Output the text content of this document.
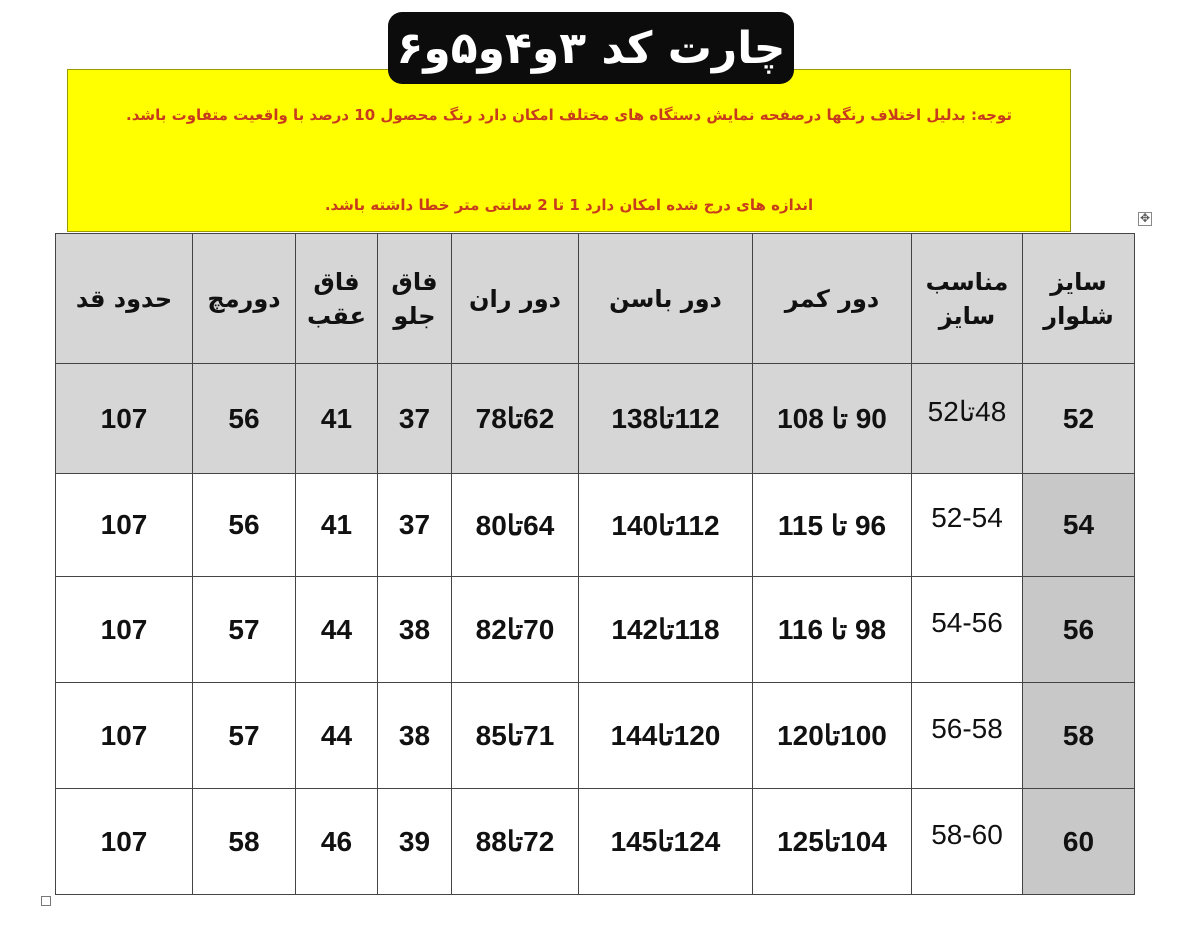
چارت کد ۳و۴و۵و۶
توجه: بدلیل اختلاف رنگها درصفحه نمایش دستگاه های مختلف امکان دارد رنگ محصول 10 درصد با واقعیت متفاوت باشد.
اندازه های درج شده امکان دارد 1 تا 2 سانتی متر خطا داشته باشد.
✥
سایز شلوار	مناسب سایز	دور کمر	دور باسن	دور ران	فاق جلو	فاق عقب	دورمچ	حدود قد
52	48تا52	90 تا 108	112تا138	62تا78	37	41	56	107
54	52-54	96 تا 115	112تا140	64تا80	37	41	56	107
56	54-56	98 تا 116	118تا142	70تا82	38	44	57	107
58	56-58	100تا120	120تا144	71تا85	38	44	57	107
60	58-60	104تا125	124تا145	72تا88	39	46	58	107
